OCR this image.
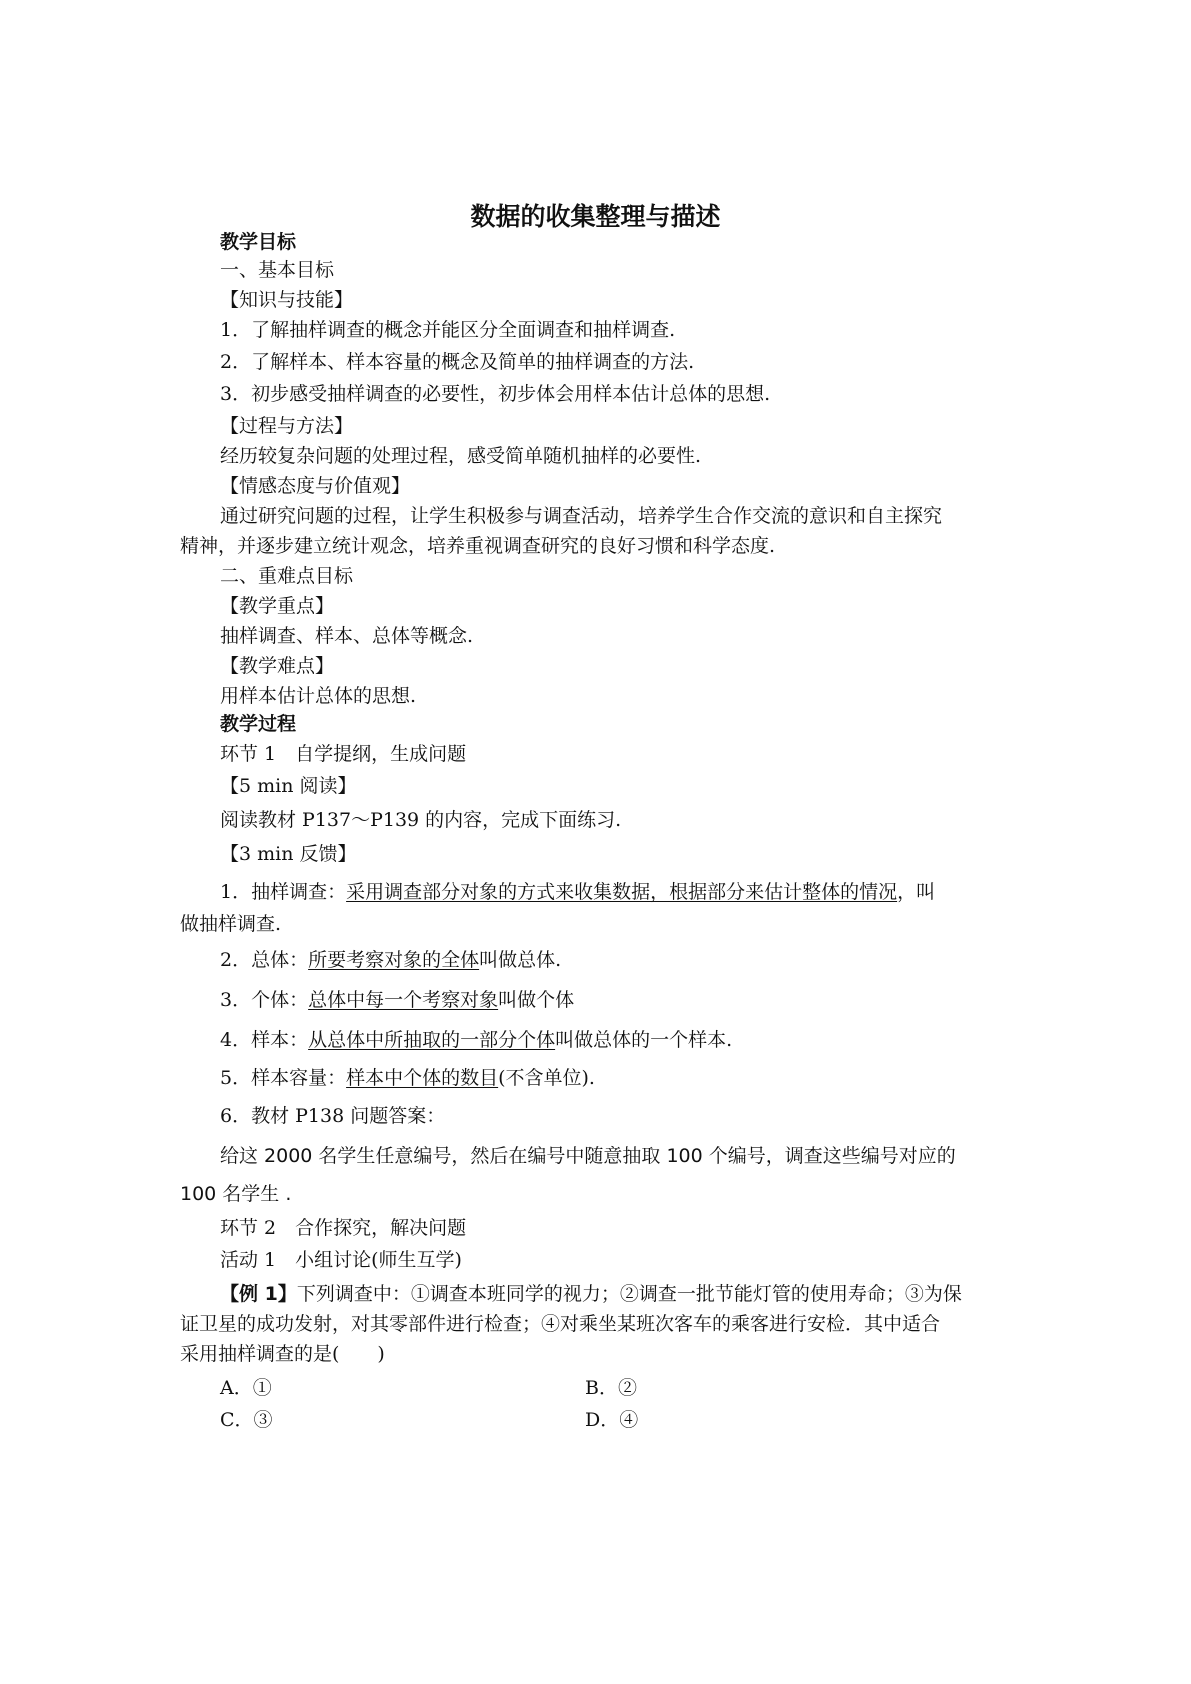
数据的收集整理与描述
教学目标
一、基本目标
【知识与技能】
1．了解抽样调查的概念并能区分全面调查和抽样调查.
2．了解样本、样本容量的概念及简单的抽样调查的方法.
3．初步感受抽样调查的必要性，初步体会用样本估计总体的思想.
【过程与方法】
经历较复杂问题的处理过程，感受简单随机抽样的必要性.
【情感态度与价值观】
通过研究问题的过程，让学生积极参与调查活动，培养学生合作交流的意识和自主探究
精神，并逐步建立统计观念，培养重视调查研究的良好习惯和科学态度.
二、重难点目标
【教学重点】
抽样调查、样本、总体等概念.
【教学难点】
用样本估计总体的思想.
教学过程
环节 1　自学提纲，生成问题
【5 min 阅读】
阅读教材 P137～P139 的内容，完成下面练习.
【3 min 反馈】
1．抽样调查：采用调查部分对象的方式来收集数据，根据部分来估计整体的情况，叫
做抽样调查.
2．总体：所要考察对象的全体叫做总体.
3．个体：总体中每一个考察对象叫做个体
4．样本：从总体中所抽取的一部分个体叫做总体的一个样本.
5．样本容量：样本中个体的数目(不含单位).
6．教材 P138 问题答案：
给这 2000 名学生任意编号，然后在编号中随意抽取 100 个编号，调查这些编号对应的
100 名学生 .
环节 2　合作探究，解决问题
活动 1　小组讨论(师生互学)
【例 1】下列调查中：①调查本班同学的视力；②调查一批节能灯管的使用寿命；③为保
证卫星的成功发射，对其零部件进行检查；④对乘坐某班次客车的乘客进行安检．其中适合
采用抽样调查的是(　　)
A．①	B．②
C．③	D．④
